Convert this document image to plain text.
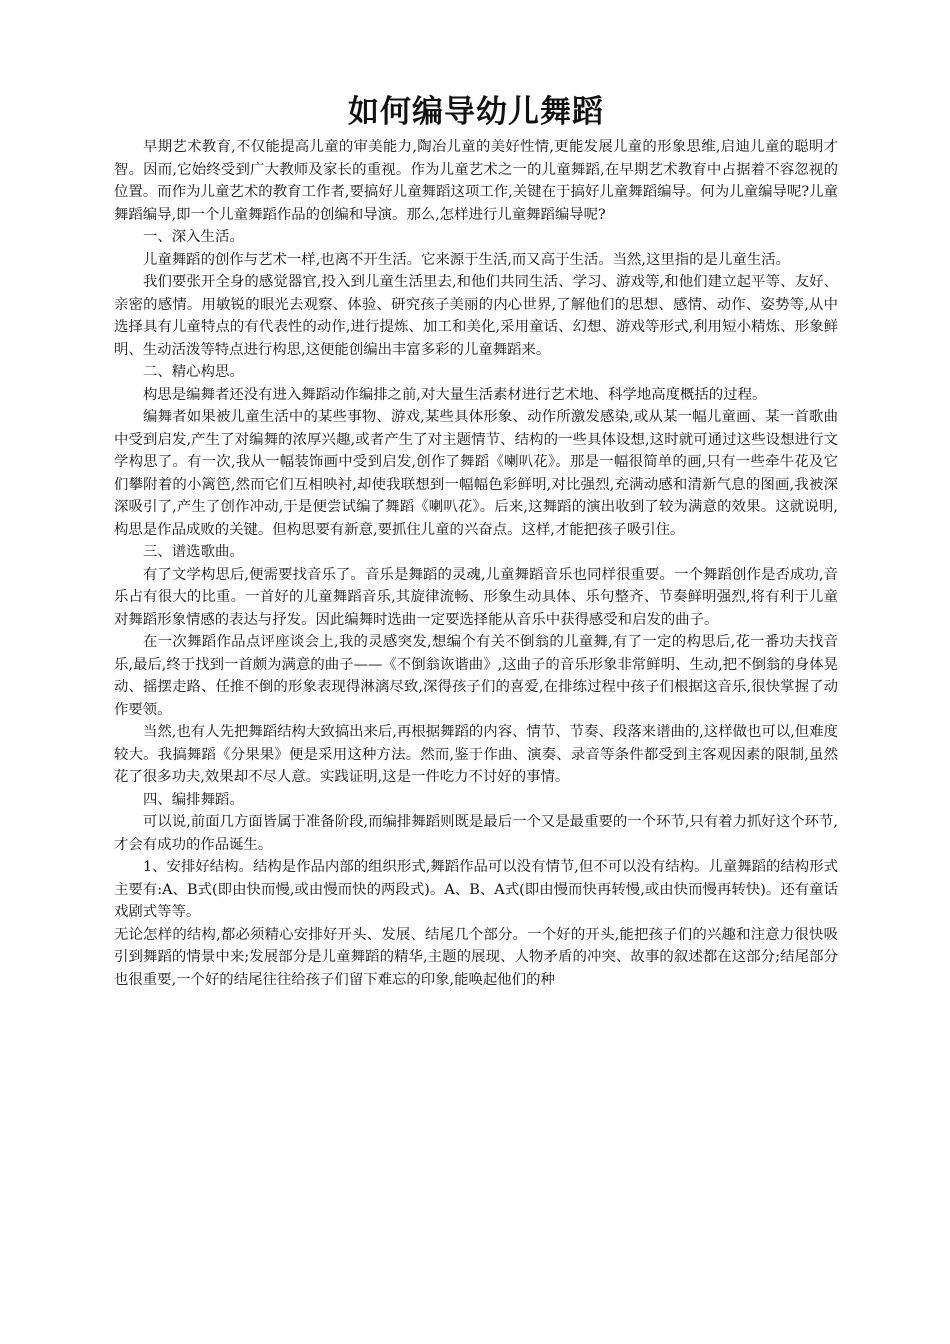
如何编导幼儿舞蹈

早期艺术教育,不仅能提高儿童的审美能力,陶冶儿童的美好性情,更能发展儿童的形象思维,启迪儿童的聪明才智。因而,它始终受到广大教师及家长的重视。作为儿童艺术之一的儿童舞蹈,在早期艺术教育中占据着不容忽视的位置。而作为儿童艺术的教育工作者,要搞好儿童舞蹈这项工作,关键在于搞好儿童舞蹈编导。何为儿童编导呢?儿童舞蹈编导,即一个儿童舞蹈作品的创编和导演。那么,怎样进行儿童舞蹈编导呢?

一、深入生活。

儿童舞蹈的创作与艺术一样,也离不开生活。它来源于生活,而又高于生活。当然,这里指的是儿童生活。

我们要张开全身的感觉器官,投入到儿童生活里去,和他们共同生活、学习、游戏等,和他们建立起平等、友好、亲密的感情。用敏锐的眼光去观察、体验、研究孩子美丽的内心世界,了解他们的思想、感情、动作、姿势等,从中选择具有儿童特点的有代表性的动作,进行提炼、加工和美化,采用童话、幻想、游戏等形式,利用短小精炼、形象鲜明、生动活泼等特点进行构思,这便能创编出丰富多彩的儿童舞蹈来。

二、精心构思。

构思是编舞者还没有进入舞蹈动作编排之前,对大量生活素材进行艺术地、科学地高度概括的过程。

编舞者如果被儿童生活中的某些事物、游戏,某些具体形象、动作所激发感染,或从某一幅儿童画、某一首歌曲中受到启发,产生了对编舞的浓厚兴趣,或者产生了对主题情节、结构的一些具体设想,这时就可通过这些设想进行文学构思了。有一次,我从一幅装饰画中受到启发,创作了舞蹈《喇叭花》。那是一幅很简单的画,只有一些牵牛花及它们攀附着的小篱笆,然而它们互相映衬,却使我联想到一幅幅色彩鲜明,对比强烈,充满动感和清新气息的图画,我被深深吸引了,产生了创作冲动,于是便尝试编了舞蹈《喇叭花》。后来,这舞蹈的演出收到了较为满意的效果。这就说明,构思是作品成败的关键。但构思要有新意,要抓住儿童的兴奋点。这样,才能把孩子吸引住。

三、谱选歌曲。

有了文学构思后,便需要找音乐了。音乐是舞蹈的灵魂,儿童舞蹈音乐也同样很重要。一个舞蹈创作是否成功,音乐占有很大的比重。一首好的儿童舞蹈音乐,其旋律流畅、形象生动具体、乐句整齐、节奏鲜明强烈,将有利于儿童对舞蹈形象情感的表达与抒发。因此编舞时选曲一定要选择能从音乐中获得感受和启发的曲子。

在一次舞蹈作品点评座谈会上,我的灵感突发,想编个有关不倒翁的儿童舞,有了一定的构思后,花一番功夫找音乐,最后,终于找到一首颇为满意的曲子——《不倒翁诙谐曲》,这曲子的音乐形象非常鲜明、生动,把不倒翁的身体晃动、摇摆走路、任推不倒的形象表现得淋漓尽致,深得孩子们的喜爱,在排练过程中孩子们根据这音乐,很快掌握了动作要领。

当然,也有人先把舞蹈结构大致搞出来后,再根据舞蹈的内容、情节、节奏、段落来谱曲的,这样做也可以,但难度较大。我搞舞蹈《分果果》便是采用这种方法。然而,鉴于作曲、演奏、录音等条件都受到主客观因素的限制,虽然花了很多功夫,效果却不尽人意。实践证明,这是一件吃力不讨好的事情。

四、编排舞蹈。

可以说,前面几方面皆属于准备阶段,而编排舞蹈则既是最后一个又是最重要的一个环节,只有着力抓好这个环节,才会有成功的作品诞生。

1、安排好结构。结构是作品内部的组织形式,舞蹈作品可以没有情节,但不可以没有结构。儿童舞蹈的结构形式主要有:A、B式(即由快而慢,或由慢而快的两段式)。A、B、A式(即由慢而快再转慢,或由快而慢再转快)。还有童话戏剧式等等。

无论怎样的结构,都必须精心安排好开头、发展、结尾几个部分。一个好的开头,能把孩子们的兴趣和注意力很快吸引到舞蹈的情景中来;发展部分是儿童舞蹈的精华,主题的展现、人物矛盾的冲突、故事的叙述都在这部分;结尾部分也很重要,一个好的结尾往往给孩子们留下难忘的印象,能唤起他们的种
